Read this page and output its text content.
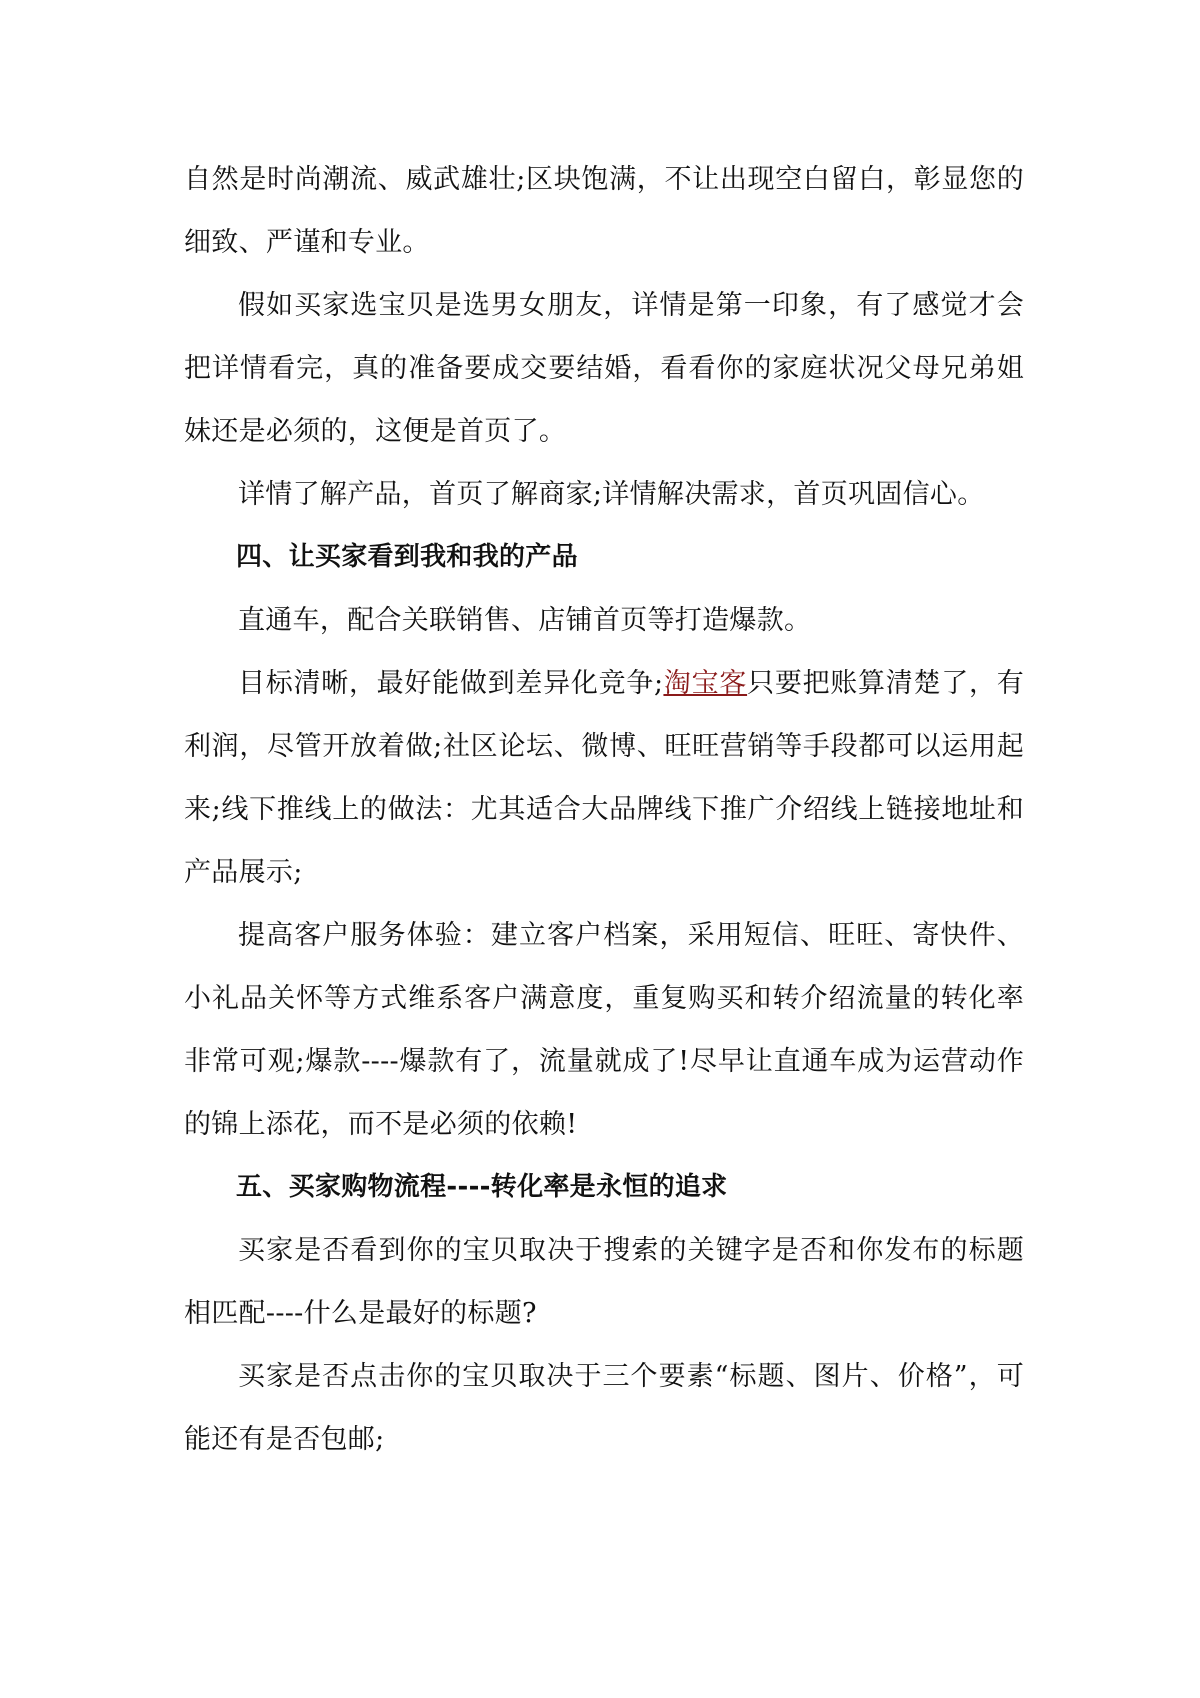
自然是时尚潮流、威武雄壮;区块饱满，不让出现空白留白，彰显您的细致、严谨和专业。

假如买家选宝贝是选男女朋友，详情是第一印象，有了感觉才会把详情看完，真的准备要成交要结婚，看看你的家庭状况父母兄弟姐妹还是必须的，这便是首页了。

详情了解产品，首页了解商家;详情解决需求，首页巩固信心。

四、让买家看到我和我的产品

直通车，配合关联销售、店铺首页等打造爆款。

目标清晰，最好能做到差异化竞争;淘宝客只要把账算清楚了，有利润，尽管开放着做;社区论坛、微博、旺旺营销等手段都可以运用起来;线下推线上的做法：尤其适合大品牌线下推广介绍线上链接地址和产品展示;

提高客户服务体验：建立客户档案，采用短信、旺旺、寄快件、小礼品关怀等方式维系客户满意度，重复购买和转介绍流量的转化率非常可观;爆款----爆款有了，流量就成了!尽早让直通车成为运营动作的锦上添花，而不是必须的依赖!

五、买家购物流程----转化率是永恒的追求

买家是否看到你的宝贝取决于搜索的关键字是否和你发布的标题相匹配----什么是最好的标题?

买家是否点击你的宝贝取决于三个要素“标题、图片、价格”，可能还有是否包邮;
